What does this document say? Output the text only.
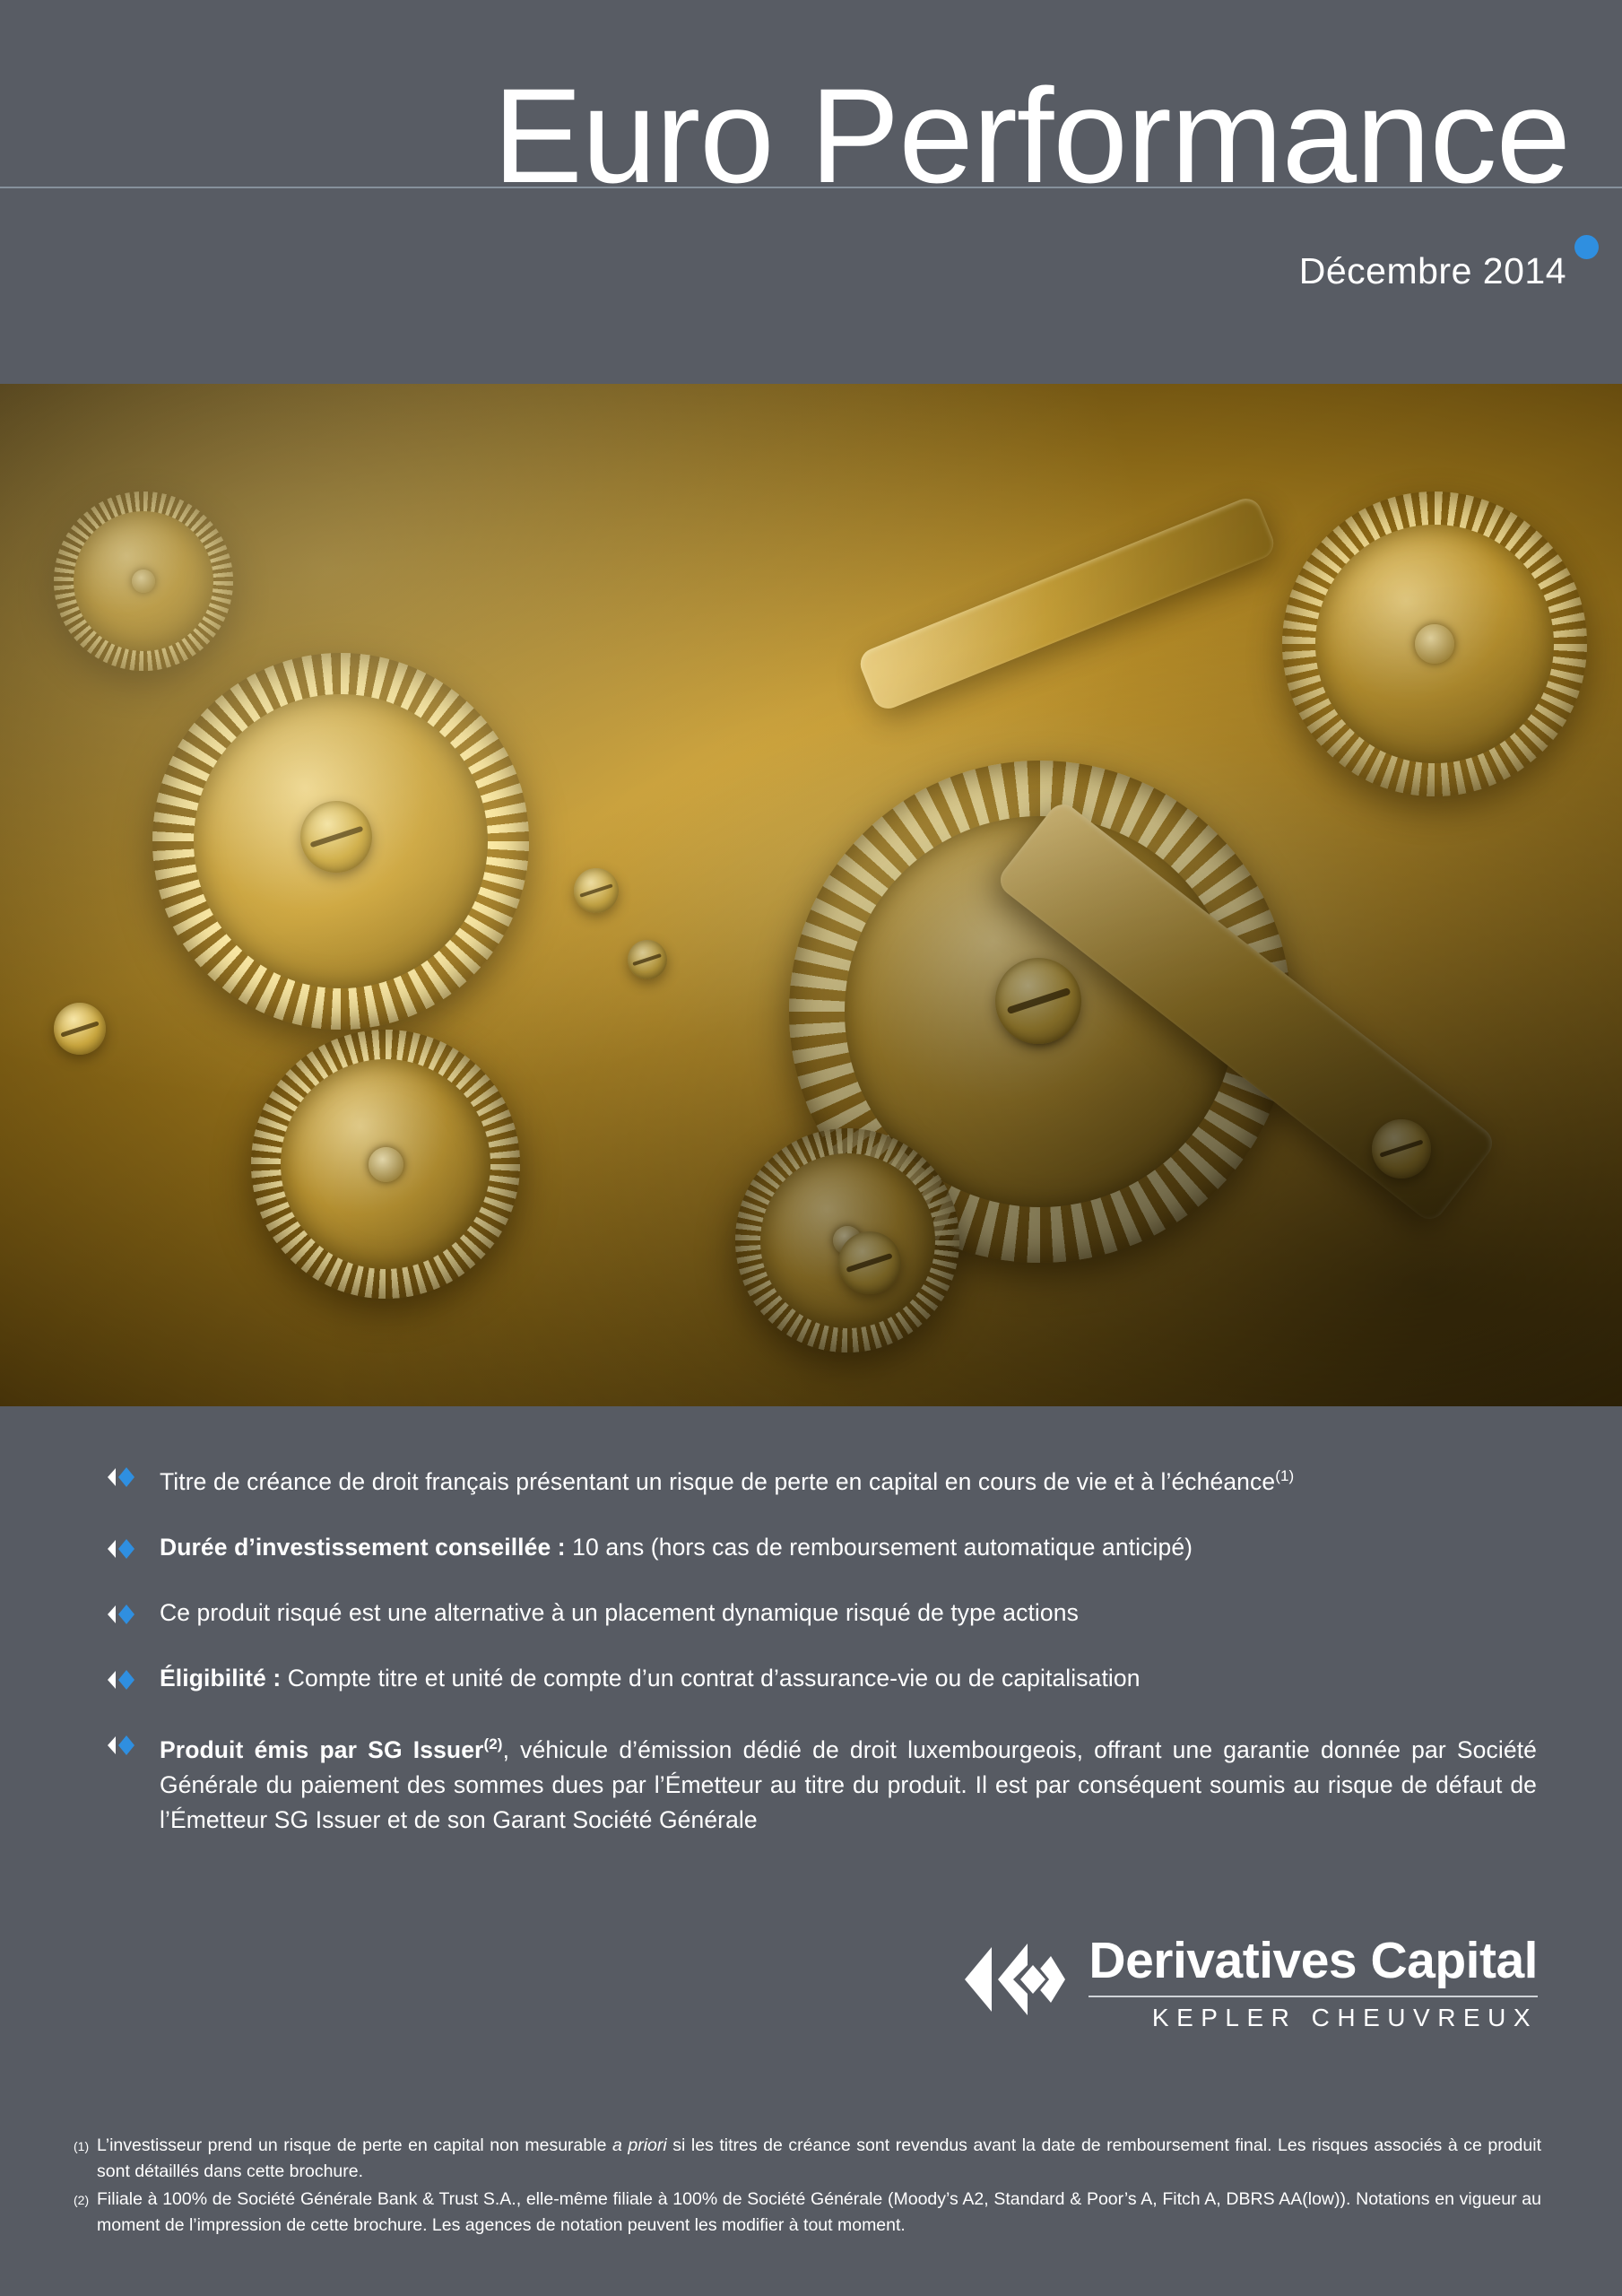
Euro Performance
Décembre 2014
Titre de créance de droit français présentant un risque de perte en capital en cours de vie et à l’échéance$^{(1)}$
Durée d’investissement conseillée : 10 ans (hors cas de remboursement automatique anticipé)
Ce produit risqué est une alternative à un placement dynamique risqué de type actions
Éligibilité : Compte titre et unité de compte d’un contrat d’assurance-vie ou de capitalisation
Produit émis par SG Issuer$^{(2)}$, véhicule d’émission dédié de droit luxembourgeois, offrant une garantie donnée par Société Générale du paiement des sommes dues par l’Émetteur au titre du produit. Il est par conséquent soumis au risque de défaut de l’Émetteur SG Issuer et de son Garant Société Générale
Derivatives Capital
KEPLER CHEUVREUX
(1) L’investisseur prend un risque de perte en capital non mesurable a priori si les titres de créance sont revendus avant la date de remboursement final. Les risques associés à ce produit sont détaillés dans cette brochure.
(2) Filiale à 100% de Société Générale Bank & Trust S.A., elle-même filiale à 100% de Société Générale (Moody’s A2, Standard & Poor’s A, Fitch A, DBRS AA(low)). Notations en vigueur au moment de l’impression de cette brochure. Les agences de notation peuvent les modifier à tout moment.
